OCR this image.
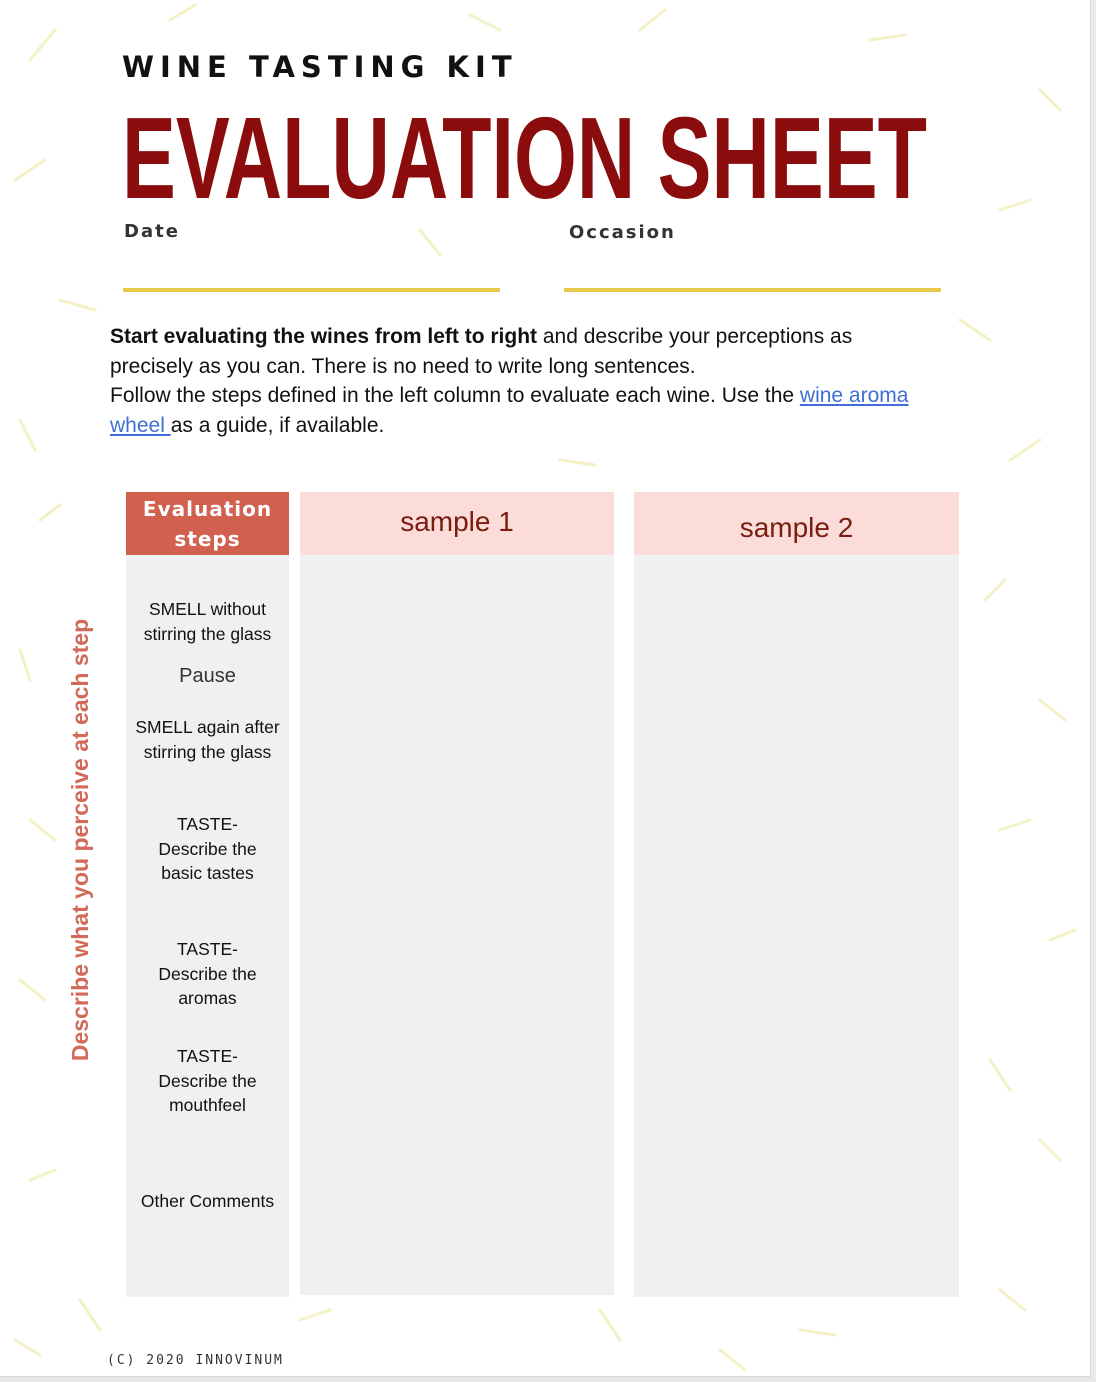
WINE TASTING KIT
EVALUATION SHEET
Date	Occasion

Start evaluating the wines from left to right and describe your perceptions as precisely as you can. There is no need to write long sentences.
Follow the steps defined in the left column to evaluate each wine. Use the wine aroma wheel as a guide, if available.

Describe what you perceive at each step
Evaluation steps
SMELL without stirring the glass
Pause
SMELL again after stirring the glass
TASTE- Describe the basic tastes
TASTE- Describe the aromas
TASTE- Describe the mouthfeel
Other Comments
sample 1	sample 2
(C) 2020 INNOVINUM
